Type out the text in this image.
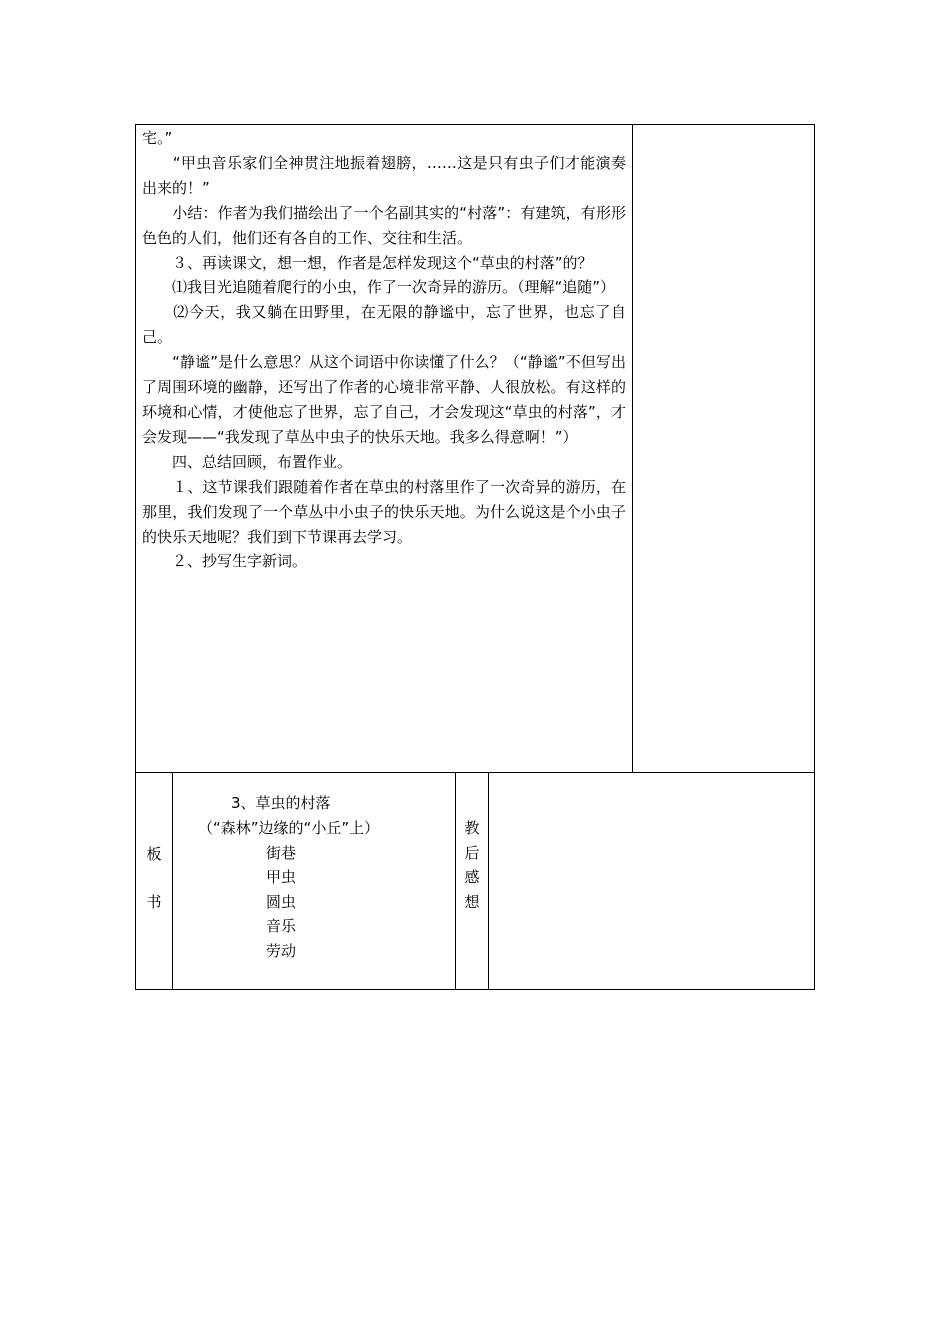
宅。”

　　“甲虫音乐家们全神贯注地振着翅膀，……这是只有虫子们才能演奏出来的！”

　　小结：作者为我们描绘出了一个名副其实的“村落”：有建筑，有形形色色的人们，他们还有各自的工作、交往和生活。

　　３、再读课文，想一想，作者是怎样发现这个“草虫的村落”的？

　　⑴我目光追随着爬行的小虫，作了一次奇异的游历。（理解“追随”）

　　⑵今天，我又躺在田野里，在无限的静谧中，忘了世界，也忘了自己。

　　“静谧”是什么意思？从这个词语中你读懂了什么？（“静谧”不但写出了周围环境的幽静，还写出了作者的心境非常平静、人很放松。有这样的环境和心情，才使他忘了世界，忘了自己，才会发现这“草虫的村落”，才会发现——“我发现了草丛中虫子的快乐天地。我多么得意啊！”）

　　四、总结回顾，布置作业。

　　１、这节课我们跟随着作者在草虫的村落里作了一次奇异的游历，在那里，我们发现了一个草丛中小虫子的快乐天地。为什么说这是个小虫子的快乐天地呢？我们到下节课再去学习。

　　２、抄写生字新词。

板
书
3、草虫的村落
（“森林”边缘的“小丘”上）
街巷
甲虫
圆虫
音乐
劳动
教
后
感
想
